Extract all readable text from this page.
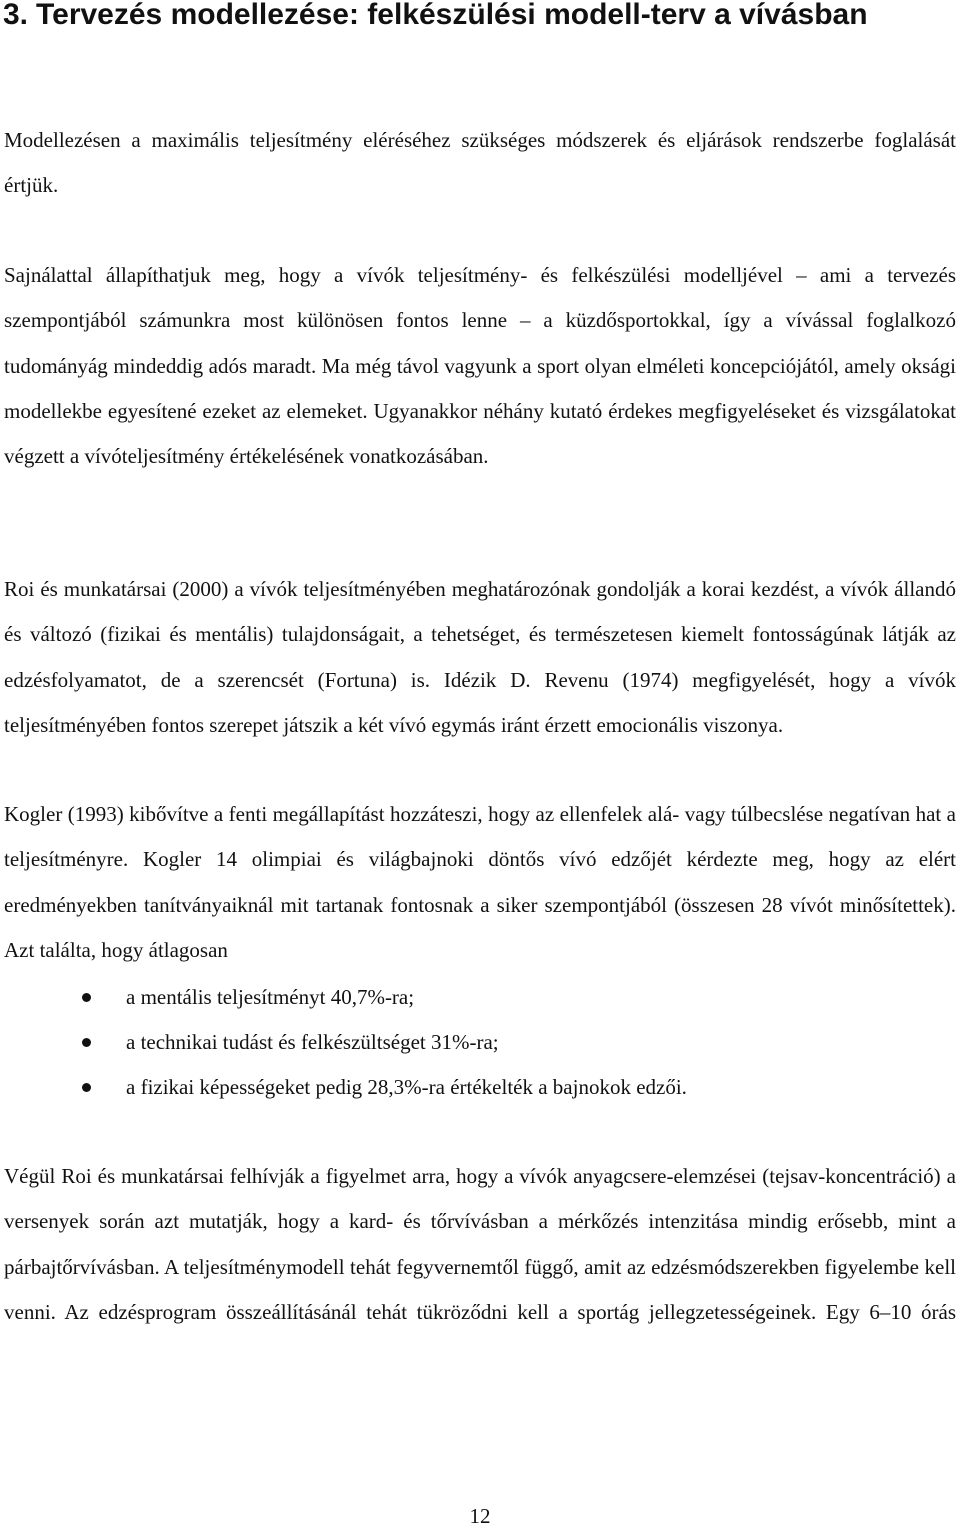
3. Tervezés modellezése: felkészülési modell-terv a vívásban

Modellezésen a maximális teljesítmény eléréséhez szükséges módszerek és eljárások rendszerbe foglalását értjük.

Sajnálattal állapíthatjuk meg, hogy a vívók teljesítmény- és felkészülési modelljével – ami a tervezés szempontjából számunkra most különösen fontos lenne – a küzdősportokkal, így a vívással foglalkozó tudományág mindeddig adós maradt. Ma még távol vagyunk a sport olyan elméleti koncepciójától, amely oksági modellekbe egyesítené ezeket az elemeket. Ugyanakkor néhány kutató érdekes megfigyeléseket és vizsgálatokat végzett a vívóteljesítmény értékelésének vonatkozásában.

Roi és munkatársai (2000) a vívók teljesítményében meghatározónak gondolják a korai kezdést, a vívók állandó és változó (fizikai és mentális) tulajdonságait, a tehetséget, és természetesen kiemelt fontosságúnak látják az edzésfolyamatot, de a szerencsét (Fortuna) is. Idézik D. Revenu (1974) megfigyelését, hogy a vívók teljesítményében fontos szerepet játszik a két vívó egymás iránt érzett emocionális viszonya.

Kogler (1993) kibővítve a fenti megállapítást hozzáteszi, hogy az ellenfelek alá- vagy túlbecslése negatívan hat a teljesítményre. Kogler 14 olimpiai és világbajnoki döntős vívó edzőjét kérdezte meg, hogy az elért eredményekben tanítványaiknál mit tartanak fontosnak a siker szempontjából (összesen 28 vívót minősítettek). Azt találta, hogy átlagosan

a mentális teljesítményt 40,7%-ra;
a technikai tudást és felkészültséget 31%-ra;
a fizikai képességeket pedig 28,3%-ra értékelték a bajnokok edzői.

Végül Roi és munkatársai felhívják a figyelmet arra, hogy a vívók anyagcsere-elemzései (tejsav-koncentráció) a versenyek során azt mutatják, hogy a kard- és tőrvívásban a mérkőzés intenzitása mindig erősebb, mint a párbajtőrvívásban. A teljesítménymodell tehát fegyvernemtől függő, amit az edzésmódszerekben figyelembe kell venni. Az edzésprogram összeállításánál tehát tükröződni kell a sportág jellegzetességeinek. Egy 6–10 órás

12
